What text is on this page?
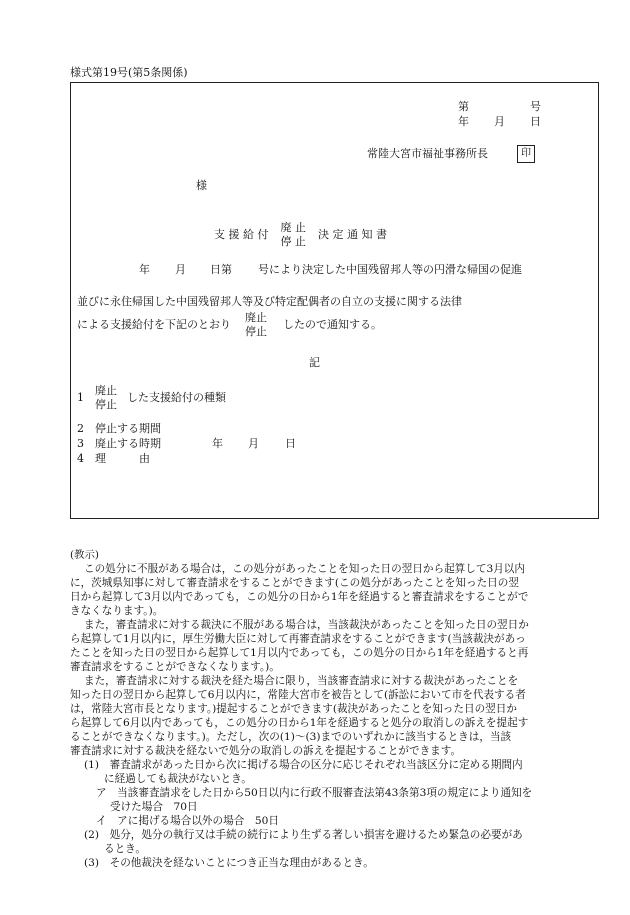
様式第19号(第5条関係)
第	号
年 月 日
常陸大宮市福祉事務所長	印
様
支 援 給 付
廃 止
停 止
決 定 通 知 書
年 月 日第 号により決定した中国残留邦人等の円滑な帰国の促進
並びに永住帰国した中国残留邦人等及び特定配偶者の自立の支援に関する法律
による支援給付を下記のとおり
廃止
停止
したので通知する。
記
1
廃止
停止
した支援給付の種類
2 停止する期間
3 廃止する時期	年 月 日
4 理　　　由
(教示)
この処分に不服がある場合は，この処分があったことを知った日の翌日から起算して3月以内
に，茨城県知事に対して審査請求をすることができます(この処分があったことを知った日の翌
日から起算して3月以内であっても，この処分の日から1年を経過すると審査請求をすることがで
きなくなります。)。
また，審査請求に対する裁決に不服がある場合は，当該裁決があったことを知った日の翌日か
ら起算して1月以内に，厚生労働大臣に対して再審査請求をすることができます(当該裁決があっ
たことを知った日の翌日から起算して1月以内であっても，この処分の日から1年を経過すると再
審査請求をすることができなくなります。)。
また，審査請求に対する裁決を経た場合に限り，当該審査請求に対する裁決があったことを
知った日の翌日から起算して6月以内に，常陸大宮市を被告として(訴訟において市を代表する者
は，常陸大宮市長となります。)提起することができます(裁決があったことを知った日の翌日か
ら起算して6月以内であっても，この処分の日から1年を経過すると処分の取消しの訴えを提起す
ることができなくなります。)。ただし，次の(1)～(3)までのいずれかに該当するときは，当該
審査請求に対する裁決を経ないで処分の取消しの訴えを提起することができます。
(1)　審査請求があった日から次に掲げる場合の区分に応じそれぞれ当該区分に定める期間内
に経過しても裁決がないとき。
ア　当該審査請求をした日から50日以内に行政不服審査法第43条第3項の規定により通知を
受けた場合　70日
イ　アに掲げる場合以外の場合　50日
(2)　処分，処分の執行又は手続の続行により生ずる著しい損害を避けるため緊急の必要があ
るとき。
(3)　その他裁決を経ないことにつき正当な理由があるとき。
